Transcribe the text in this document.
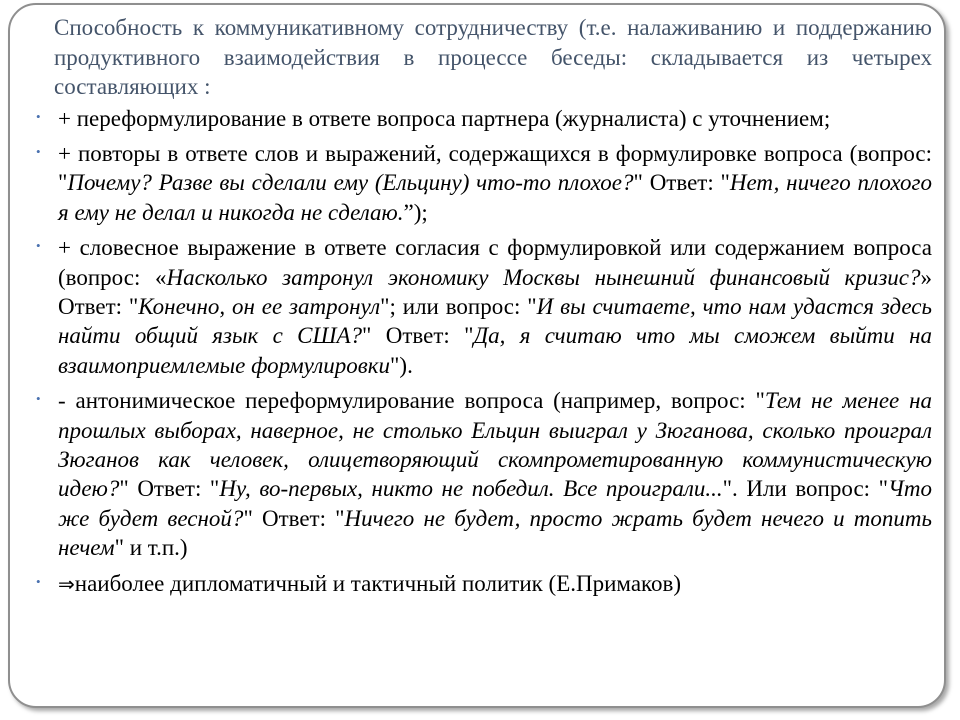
Способность к коммуникативному сотрудничеству (т.е. налаживанию и поддержанию продуктивного взаимодействия в процессе беседы: складывается из четырех составляющих :

• + переформулирование в ответе вопроса партнера (журналиста) с уточнением;
• + повторы в ответе слов и выражений, содержащихся в формулировке вопроса (вопрос: "Почему? Разве вы сделали ему (Ельцину) что-то плохое?" Ответ: "Нет, ничего плохого я ему не делал и никогда не сделаю.”);
• + словесное выражение в ответе согласия с формулировкой или содержанием вопроса (вопрос: «Насколько затронул экономику Москвы нынешний финансовый кризис?» Ответ: "Конечно, он ее затронул"; или вопрос: "И вы считаете, что нам удастся здесь найти общий язык с США?" Ответ: "Да, я считаю что мы сможем выйти на взаимоприемлемые формулировки").
• - антонимическое переформулирование вопроса (например, вопрос: "Тем не менее на прошлых выборах, наверное, не столько Ельцин выиграл у Зюганова, сколько проиграл Зюганов как человек, олицетворяющий скомпрометированную коммунистическую идею?" Ответ: "Ну, во-первых, никто не победил. Все проиграли...". Или вопрос: "Что же будет весной?" Ответ: "Ничего не будет, просто жрать будет нечего и топить нечем" и т.п.)
• ⇒наиболее дипломатичный и тактичный политик (Е.Примаков)
